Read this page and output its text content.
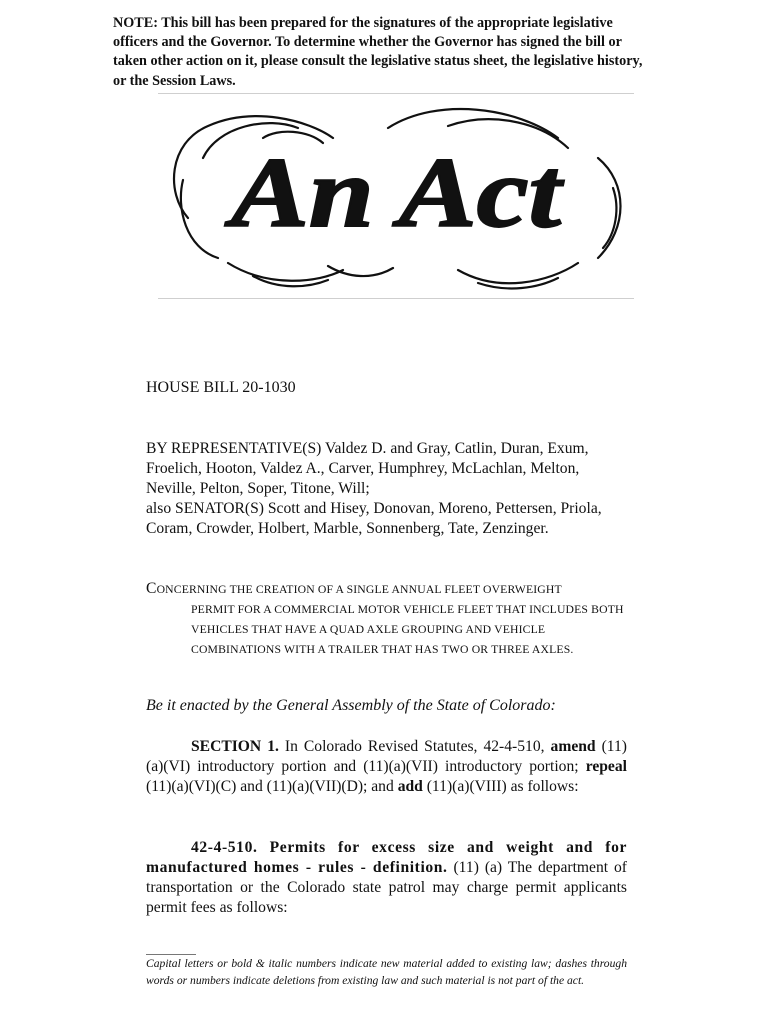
NOTE: This bill has been prepared for the signatures of the appropriate legislative officers and the Governor. To determine whether the Governor has signed the bill or taken other action on it, please consult the legislative status sheet, the legislative history, or the Session Laws.
An Act
HOUSE BILL 20-1030
BY REPRESENTATIVE(S) Valdez D. and Gray, Catlin, Duran, Exum, Froelich, Hooton, Valdez A., Carver, Humphrey, McLachlan, Melton, Neville, Pelton, Soper, Titone, Will;
also SENATOR(S) Scott and Hisey, Donovan, Moreno, Pettersen, Priola, Coram, Crowder, Holbert, Marble, Sonnenberg, Tate, Zenzinger.
CONCERNING THE CREATION OF A SINGLE ANNUAL FLEET OVERWEIGHT
PERMIT FOR A COMMERCIAL MOTOR VEHICLE FLEET THAT INCLUDES BOTH VEHICLES THAT HAVE A QUAD AXLE GROUPING AND VEHICLE COMBINATIONS WITH A TRAILER THAT HAS TWO OR THREE AXLES.
Be it enacted by the General Assembly of the State of Colorado:
SECTION 1. In Colorado Revised Statutes, 42-4-510, amend (11)(a)(VI) introductory portion and (11)(a)(VII) introductory portion; repeal (11)(a)(VI)(C) and (11)(a)(VII)(D); and add (11)(a)(VIII) as follows:
42-4-510. Permits for excess size and weight and for manufactured homes - rules - definition. (11) (a) The department of transportation or the Colorado state patrol may charge permit applicants permit fees as follows:
Capital letters or bold & italic numbers indicate new material added to existing law; dashes through words or numbers indicate deletions from existing law and such material is not part of the act.
